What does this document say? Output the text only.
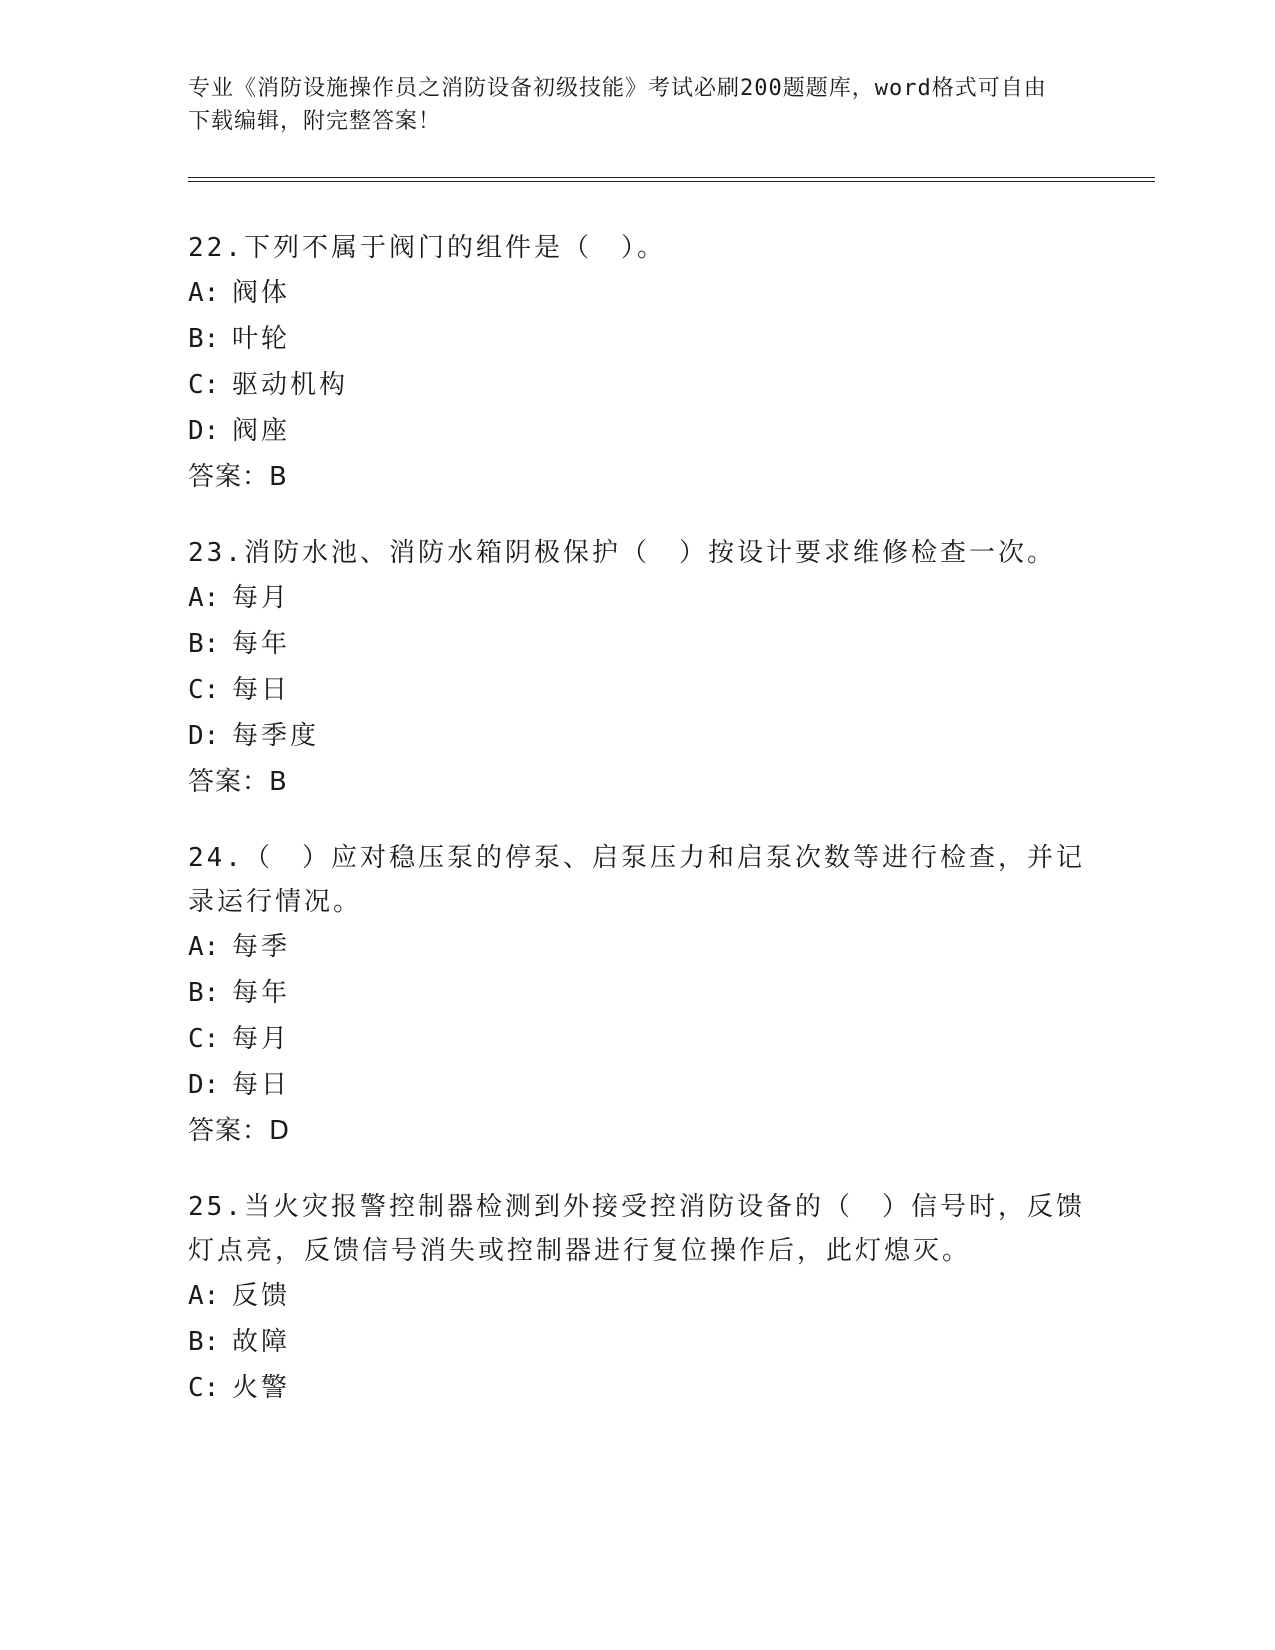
专业《消防设施操作员之消防设备初级技能》考试必刷200题题库，word格式可自由下载编辑，附完整答案！

22.下列不属于阀门的组件是（　）。

A: 阀体
B: 叶轮
C: 驱动机构
D: 阀座
答案：B

23.消防水池、消防水箱阴极保护（　）按设计要求维修检查一次。

A: 每月
B: 每年
C: 每日
D: 每季度
答案：B

24.（　）应对稳压泵的停泵、启泵压力和启泵次数等进行检查，并记录运行情况。

A: 每季
B: 每年
C: 每月
D: 每日
答案：D

25.当火灾报警控制器检测到外接受控消防设备的（　）信号时，反馈灯点亮，反馈信号消失或控制器进行复位操作后，此灯熄灭。

A: 反馈
B: 故障
C: 火警
